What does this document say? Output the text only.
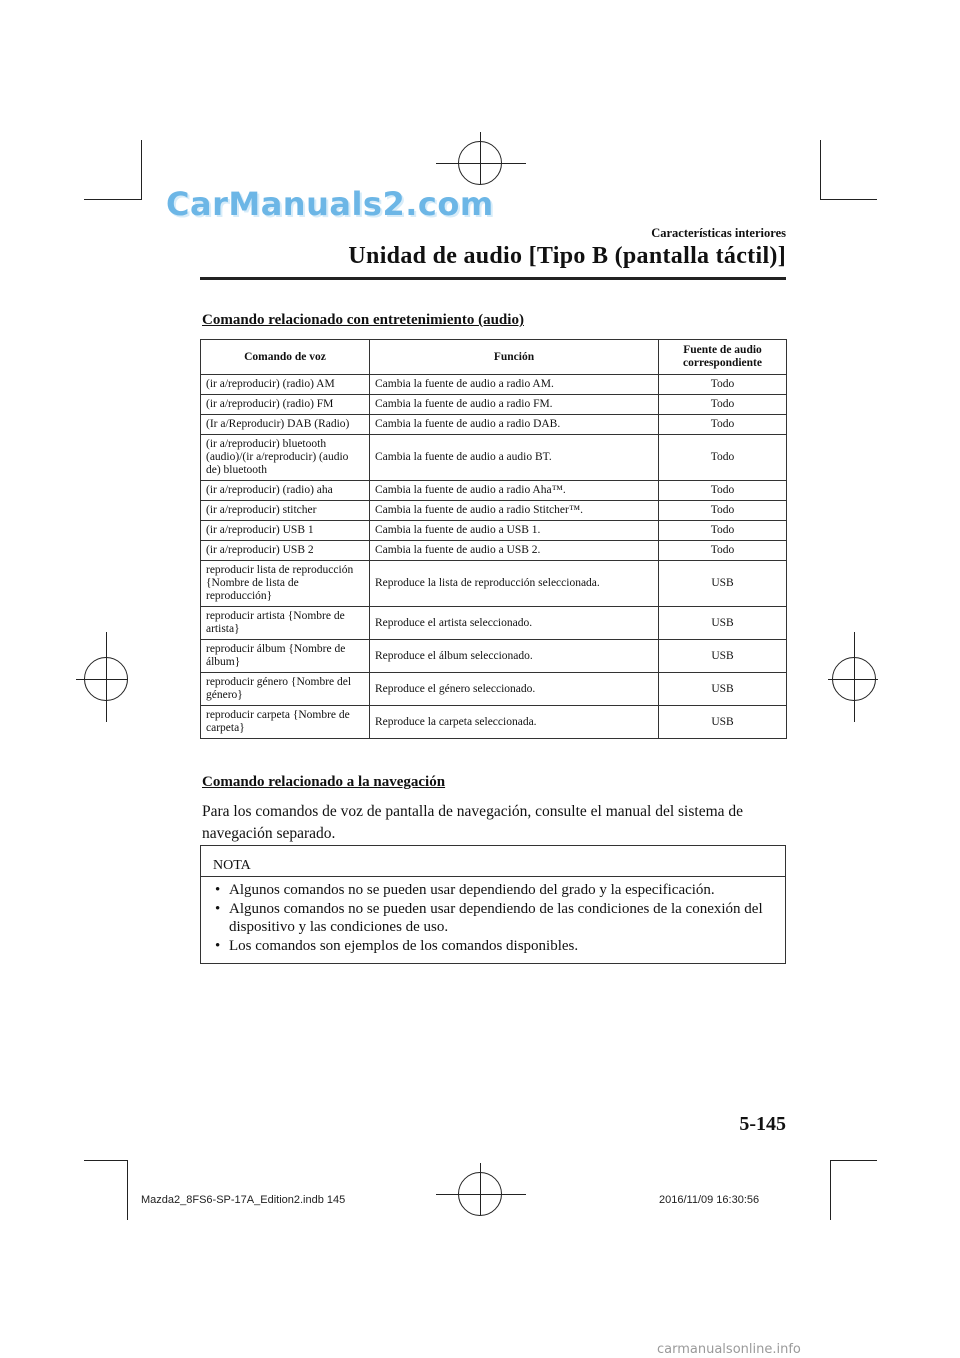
CarManuals2.com
Características interiores
Unidad de audio [Tipo B (pantalla táctil)]
Comando relacionado con entretenimiento (audio)
Comando de voz	Función	Fuente de audio correspondiente
(ir a/reproducir) (radio) AM	Cambia la fuente de audio a radio AM.	Todo
(ir a/reproducir) (radio) FM	Cambia la fuente de audio a radio FM.	Todo
(Ir a/Reproducir) DAB (Radio)	Cambia la fuente de audio a radio DAB.	Todo
(ir a/reproducir) bluetooth (audio)/(ir a/reproducir) (audio de) bluetooth	Cambia la fuente de audio a audio BT.	Todo
(ir a/reproducir) (radio) aha	Cambia la fuente de audio a radio Aha™.	Todo
(ir a/reproducir) stitcher	Cambia la fuente de audio a radio Stitcher™.	Todo
(ir a/reproducir) USB 1	Cambia la fuente de audio a USB 1.	Todo
(ir a/reproducir) USB 2	Cambia la fuente de audio a USB 2.	Todo
reproducir lista de reproducción {Nombre de lista de reproducción}	Reproduce la lista de reproducción seleccionada.	USB
reproducir artista {Nombre de artista}	Reproduce el artista seleccionado.	USB
reproducir álbum {Nombre de álbum}	Reproduce el álbum seleccionado.	USB
reproducir género {Nombre del género}	Reproduce el género seleccionado.	USB
reproducir carpeta {Nombre de carpeta}	Reproduce la carpeta seleccionada.	USB
Comando relacionado a la navegación
Para los comandos de voz de pantalla de navegación, consulte el manual del sistema de navegación separado.
NOTA
• Algunos comandos no se pueden usar dependiendo del grado y la especificación.
• Algunos comandos no se pueden usar dependiendo de las condiciones de la conexión del dispositivo y las condiciones de uso.
• Los comandos son ejemplos de los comandos disponibles.
5-145
Mazda2_8FS6-SP-17A_Edition2.indb 145	2016/11/09 16:30:56
carmanualsonline.info
